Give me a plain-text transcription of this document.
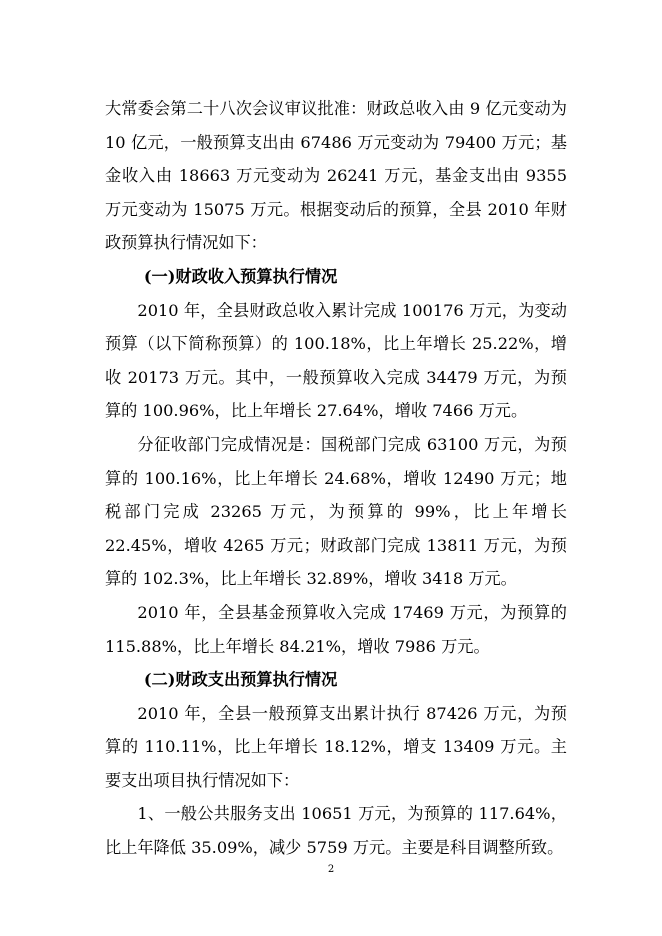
大常委会第二十八次会议审议批准：财政总收入由 9 亿元变动为 10 亿元，一般预算支出由 67486 万元变动为 79400 万元；基金收入由 18663 万元变动为 26241 万元，基金支出由 9355 万元变动为 15075 万元。根据变动后的预算，全县 2010 年财政预算执行情况如下：

(一)财政收入预算执行情况

2010 年，全县财政总收入累计完成 100176 万元，为变动预算（以下简称预算）的 100.18%，比上年增长 25.22%，增收 20173 万元。其中，一般预算收入完成 34479 万元，为预算的 100.96%，比上年增长 27.64%，增收 7466 万元。

分征收部门完成情况是：国税部门完成 63100 万元，为预算的 100.16%，比上年增长 24.68%，增收 12490 万元；地税部门完成 23265 万元，为预算的 99%，比上年增长 22.45%，增收 4265 万元；财政部门完成 13811 万元，为预算的 102.3%，比上年增长 32.89%，增收 3418 万元。

2010 年，全县基金预算收入完成 17469 万元，为预算的 115.88%，比上年增长 84.21%，增收 7986 万元。

(二)财政支出预算执行情况

2010 年，全县一般预算支出累计执行 87426 万元，为预算的 110.11%，比上年增长 18.12%，增支 13409 万元。主要支出项目执行情况如下：

1、一般公共服务支出 10651 万元，为预算的 117.64%，比上年降低 35.09%，减少 5759 万元。主要是科目调整所致。

2
